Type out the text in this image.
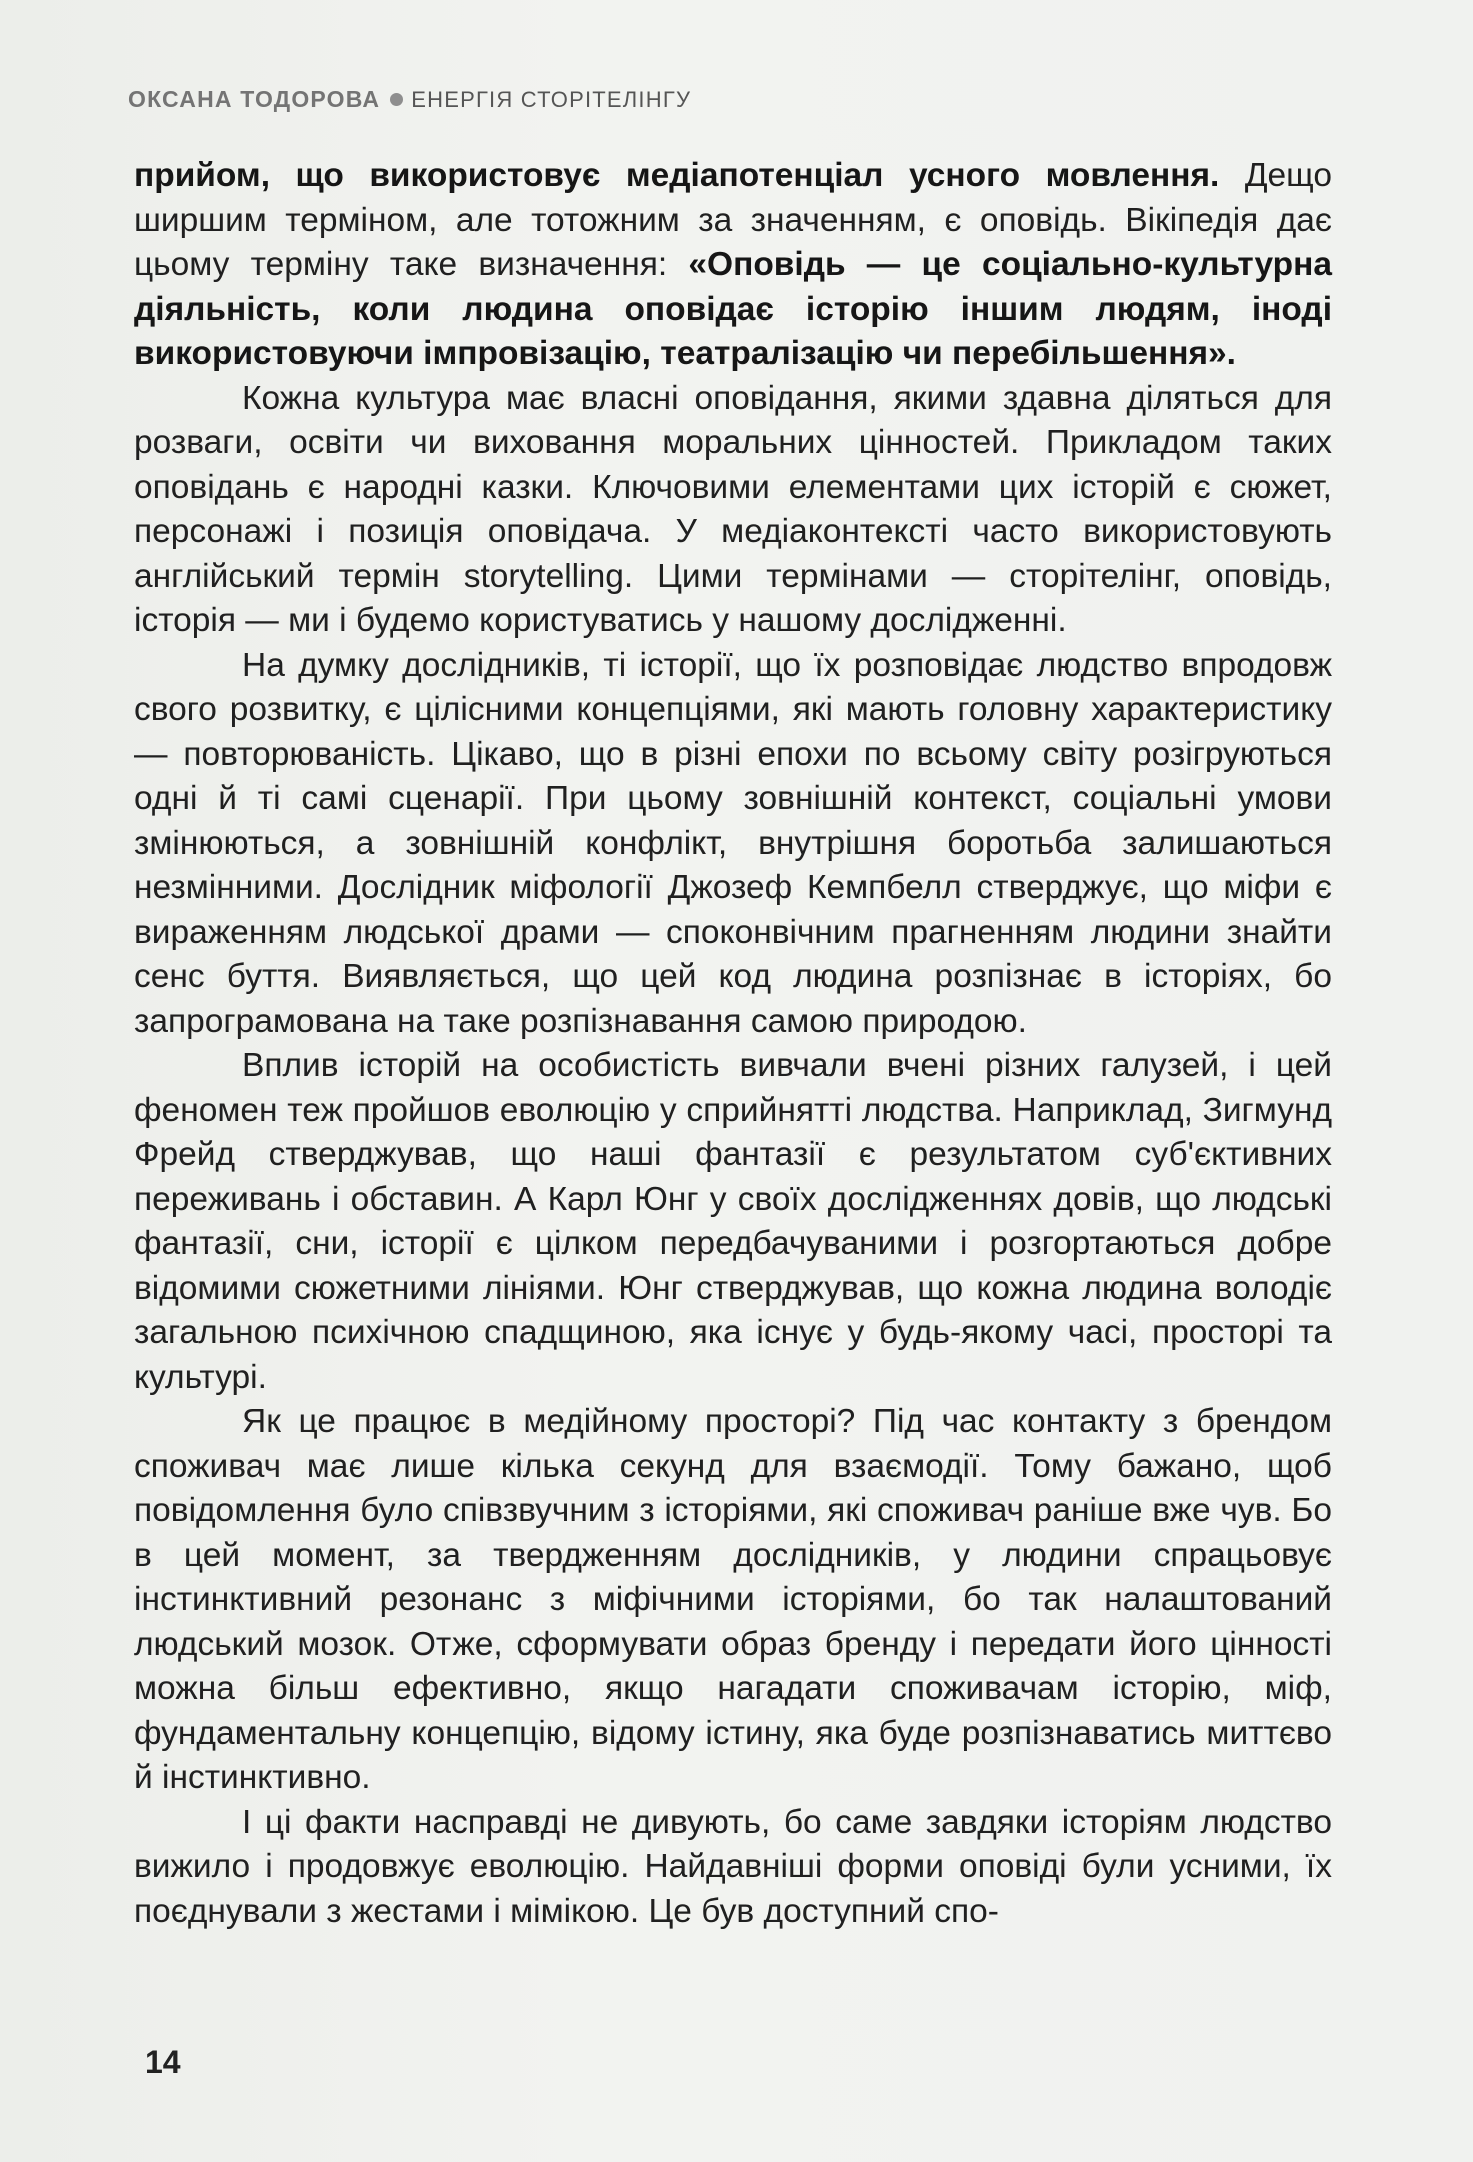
ОКСАНА ТОДОРОВА ЕНЕРГІЯ СТОРІТЕЛІНГУ

прийом, що використовує медіапотенціал усного мовлення. Дещо ширшим терміном, але тотожним за значенням, є оповідь. Вікіпедія дає цьому терміну таке визначення: «Оповідь — це соціально-культурна діяльність, коли людина оповідає історію іншим людям, іноді використовуючи імпровізацію, театралізацію чи перебільшення».

Кожна культура має власні оповідання, якими здавна діляться для розваги, освіти чи виховання моральних цінностей. Прикладом таких оповідань є народні казки. Ключовими елементами цих історій є сюжет, персонажі і позиція оповідача. У медіаконтексті часто використовують англійський термін storytelling. Цими термінами — сторітелінг, оповідь, історія — ми і будемо користуватись у нашому дослідженні.

На думку дослідників, ті історії, що їх розповідає людство впродовж свого розвитку, є цілісними концепціями, які мають головну характеристику — повторюваність. Цікаво, що в різні епохи по всьому світу розігруються одні й ті самі сценарії. При цьому зовнішній контекст, соціальні умови змінюються, а зовнішній конфлікт, внутрішня боротьба залишаються незмінними. Дослідник міфології Джозеф Кемпбелл стверджує, що міфи є вираженням людської драми — споконвічним прагненням людини знайти сенс буття. Виявляється, що цей код людина розпізнає в історіях, бо запрограмована на таке розпізнавання самою природою.

Вплив історій на особистість вивчали вчені різних галузей, і цей феномен теж пройшов еволюцію у сприйнятті людства. Наприклад, Зигмунд Фрейд стверджував, що наші фантазії є результатом суб'єктивних переживань і обставин. А Карл Юнг у своїх дослідженнях довів, що людські фантазії, сни, історії є цілком передбачуваними і розгортаються добре відомими сюжетними лініями. Юнг стверджував, що кожна людина володіє загальною психічною спадщиною, яка існує у будь-якому часі, просторі та культурі.

Як це працює в медійному просторі? Під час контакту з брендом споживач має лише кілька секунд для взаємодії. Тому бажано, щоб повідомлення було співзвучним з історіями, які споживач раніше вже чув. Бо в цей момент, за твердженням дослідників, у людини спрацьовує інстинктивний резонанс з міфічними історіями, бо так налаштований людський мозок. Отже, сформувати образ бренду і передати його цінності можна більш ефективно, якщо нагадати споживачам історію, міф, фундаментальну концепцію, відому істину, яка буде розпізнаватись миттєво й інстинктивно.

І ці факти насправді не дивують, бо саме завдяки історіям людство вижило і продовжує еволюцію. Найдавніші форми оповіді були усними, їх поєднували з жестами і мімікою. Це був доступний спо-

14
